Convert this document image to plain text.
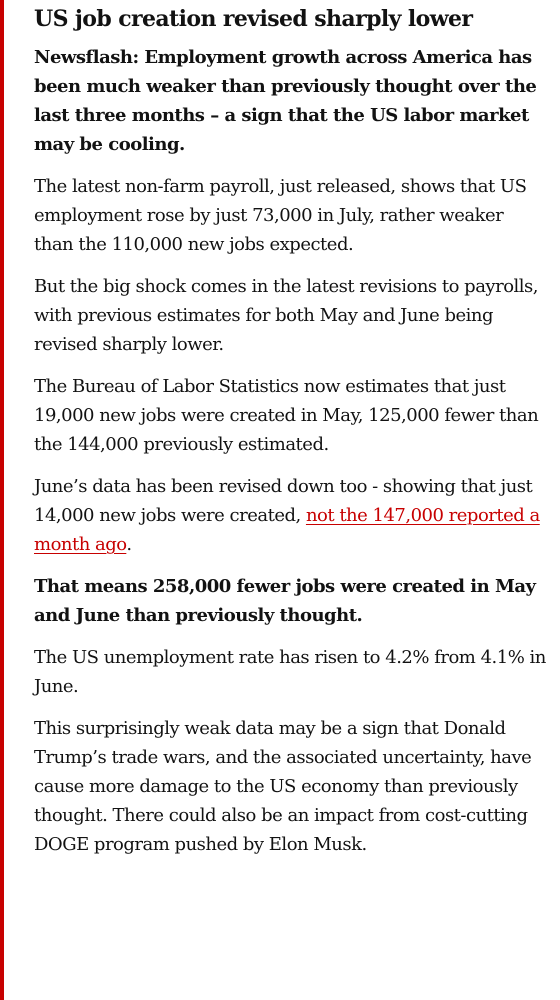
US job creation revised sharply lower

Newsflash: Employment growth across America has been much weaker than previously thought over the last three months – a sign that the US labor market may be cooling.

The latest non-farm payroll, just released, shows that US employment rose by just 73,000 in July, rather weaker than the 110,000 new jobs expected.

But the big shock comes in the latest revisions to payrolls, with previous estimates for both May and June being revised sharply lower.

The Bureau of Labor Statistics now estimates that just 19,000 new jobs were created in May, 125,000 fewer than the 144,000 previously estimated.

June’s data has been revised down too - showing that just 14,000 new jobs were created, not the 147,000 reported a month ago.

That means 258,000 fewer jobs were created in May and June than previously thought.

The US unemployment rate has risen to 4.2% from 4.1% in June.

This surprisingly weak data may be a sign that Donald Trump’s trade wars, and the associated uncertainty, have cause more damage to the US economy than previously thought. There could also be an impact from cost-cutting DOGE program pushed by Elon Musk.
